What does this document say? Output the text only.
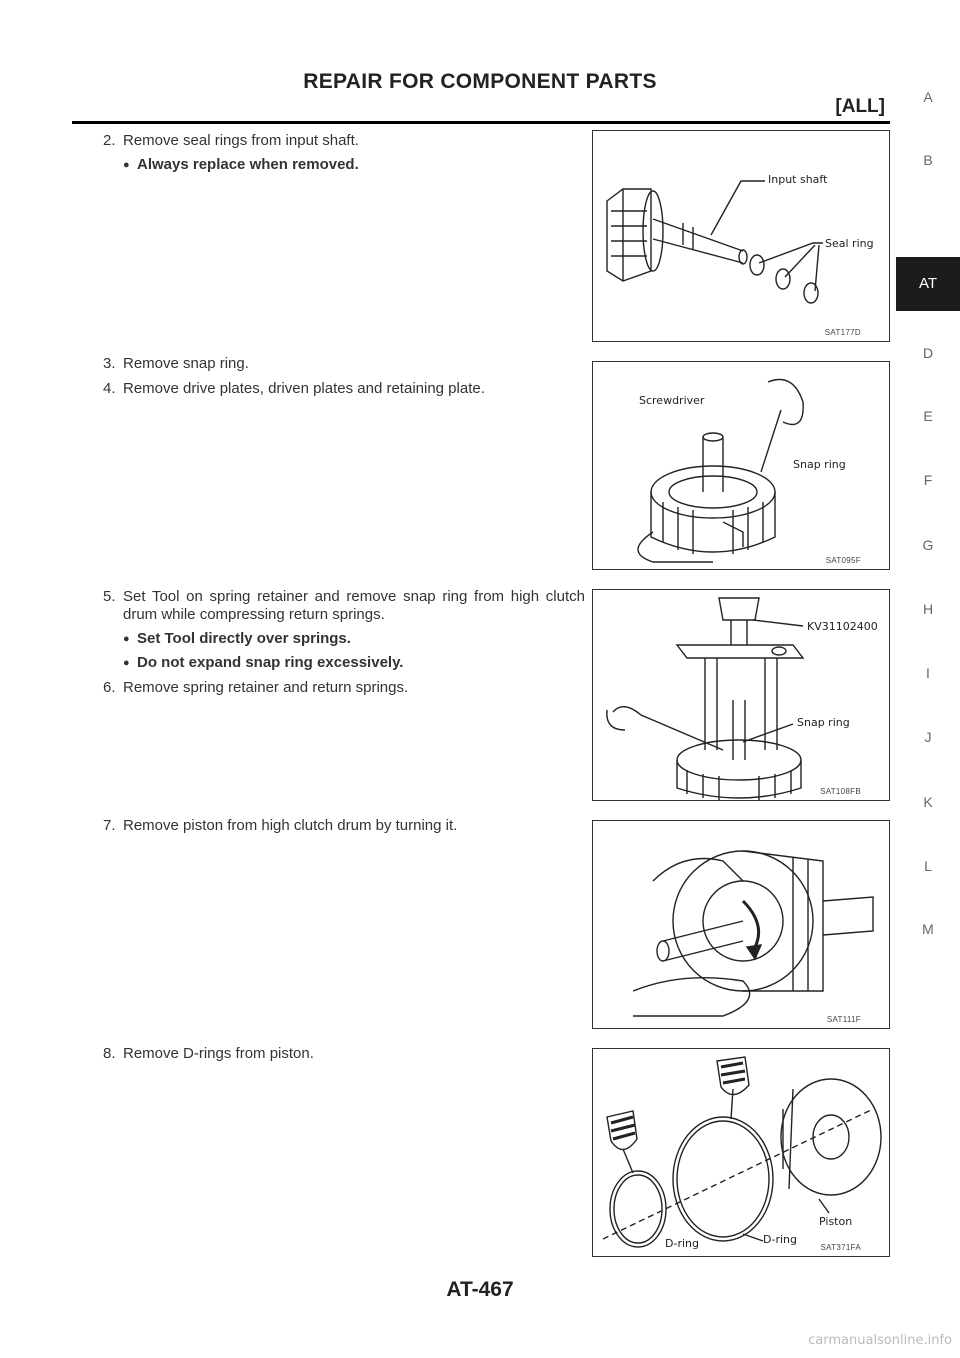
REPAIR FOR COMPONENT PARTS
[ALL]	A
B
D
E
F
G
H
I
J
K
L
M
AT
2. Remove seal rings from input shaft.
● Always replace when removed.
3. Remove snap ring.
4. Remove drive plates, driven plates and retaining plate.
5. Set Tool on spring retainer and remove snap ring from high clutch drum while compressing return springs.
● Set Tool directly over springs.
● Do not expand snap ring excessively.
6. Remove spring retainer and return springs.
7. Remove piston from high clutch drum by turning it.
8. Remove D-rings from piston.
Input shaft
Seal ring
SAT177D
Screwdriver
Snap ring
SAT095F
KV31102400
Snap ring
SAT108FB
SAT111F
Piston
D-ring
D-ring	SAT371FA
AT-467
carmanualsonline.info
